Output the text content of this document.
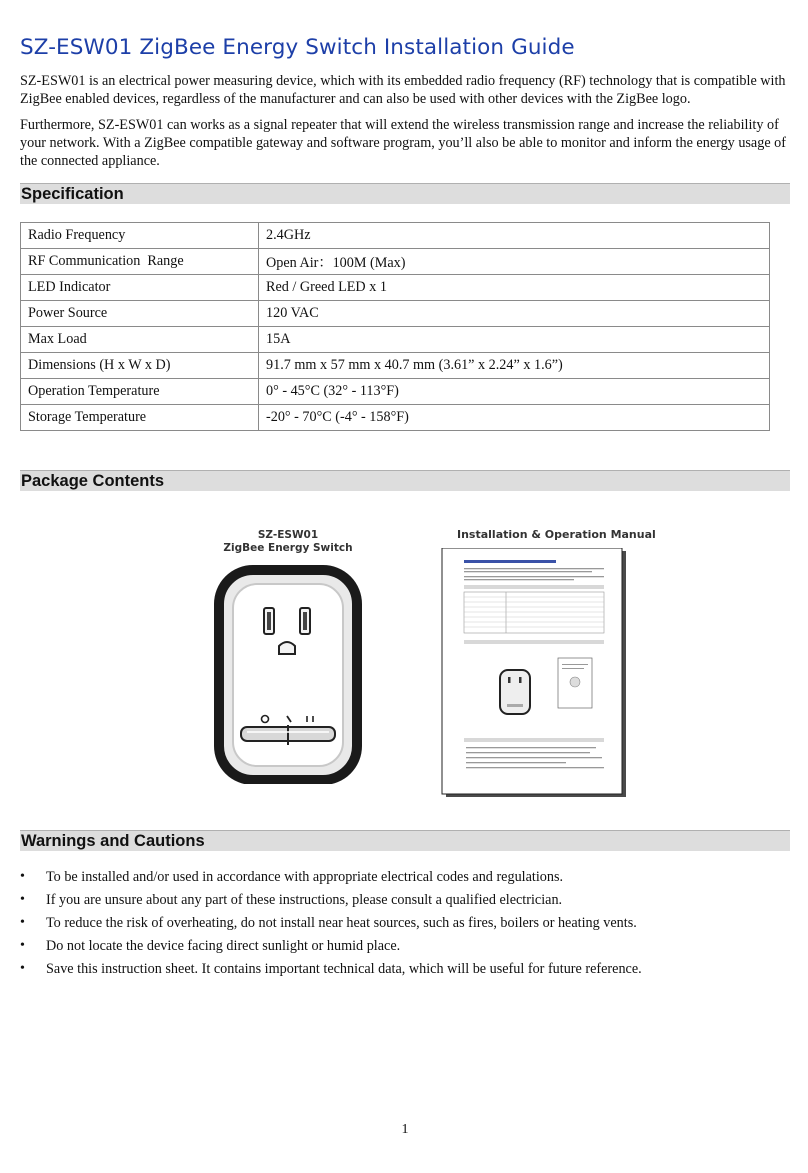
SZ-ESW01 ZigBee Energy Switch Installation Guide

SZ-ESW01 is an electrical power measuring device, which with its embedded radio frequency (RF) technology that is compatible with ZigBee enabled devices, regardless of the manufacturer and can also be used with other devices with the ZigBee logo.

Furthermore, SZ-ESW01 can works as a signal repeater that will extend the wireless transmission range and increase the reliability of your network. With a ZigBee compatible gateway and software program, you’ll also be able to monitor and inform the energy usage of the connected appliance.

Specification
Radio Frequency	2.4GHz
RF Communication  Range	Open Air：100M (Max)
LED Indicator	Red / Greed LED x 1
Power Source	120 VAC
Max Load	15A
Dimensions (H x W x D)	91.7 mm x 57 mm x 40.7 mm (3.61” x 2.24” x 1.6”)
Operation Temperature	0° - 45°C (32° - 113°F)
Storage Temperature	-20° - 70°C (-4° - 158°F)
Package Contents
SZ-ESW01
ZigBee Energy Switch
Installation & Operation Manual
Warnings and Cautions
• To be installed and/or used in accordance with appropriate electrical codes and regulations.
• If you are unsure about any part of these instructions, please consult a qualified electrician.
• To reduce the risk of overheating, do not install near heat sources, such as fires, boilers or heating vents.
• Do not locate the device facing direct sunlight or humid place.
• Save this instruction sheet. It contains important technical data, which will be useful for future reference.
1
